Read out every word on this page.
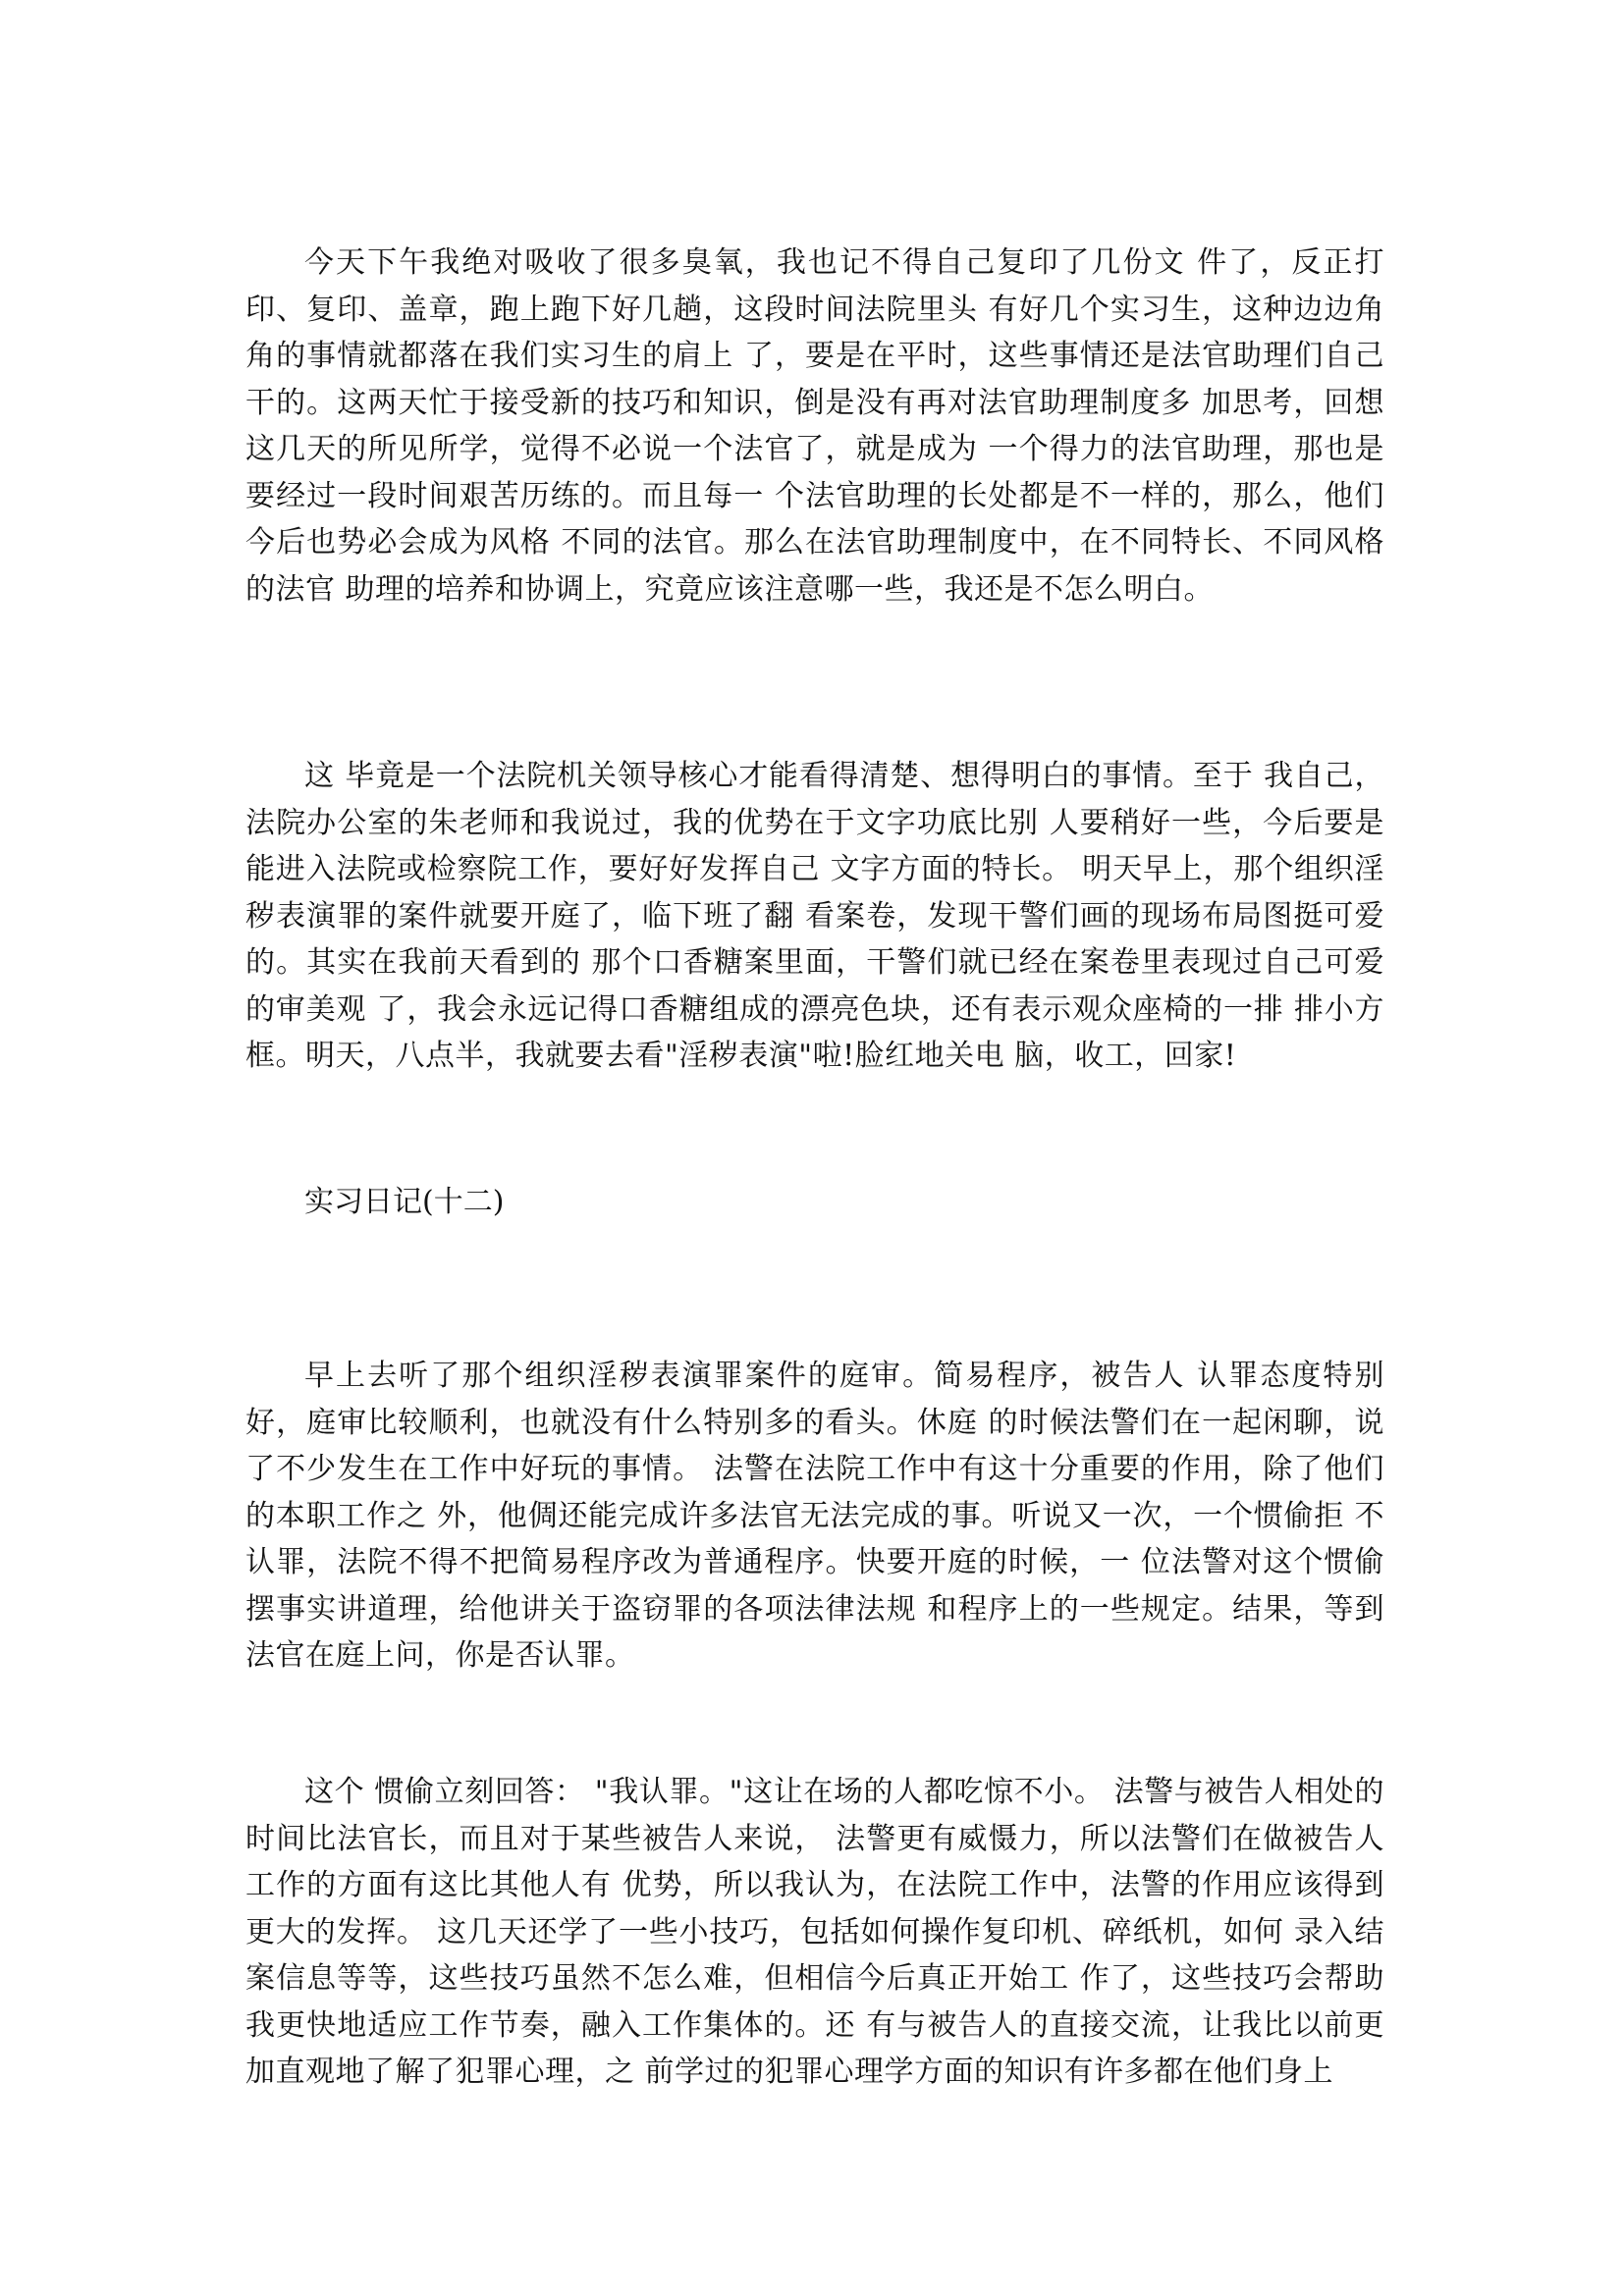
今天下午我绝对吸收了很多臭氧，我也记不得自己复印了几份文 件了，反正打印、复印、盖章，跑上跑下好几趟，这段时间法院里头 有好几个实习生，这种边边角角的事情就都落在我们实习生的肩上 了，要是在平时，这些事情还是法官助理们自己干的。这两天忙于接受新的技巧和知识，倒是没有再对法官助理制度多 加思考，回想这几天的所见所学，觉得不必说一个法官了，就是成为 一个得力的法官助理，那也是要经过一段时间艰苦历练的。而且每一 个法官助理的长处都是不一样的，那么，他们今后也势必会成为风格 不同的法官。那么在法官助理制度中，在不同特长、不同风格的法官 助理的培养和协调上，究竟应该注意哪一些，我还是不怎么明白。

这 毕竟是一个法院机关领导核心才能看得清楚、想得明白的事情。至于 我自己，法院办公室的朱老师和我说过，我的优势在于文字功底比别 人要稍好一些，今后要是能进入法院或检察院工作，要好好发挥自己 文字方面的特长。 明天早上，那个组织淫秽表演罪的案件就要开庭了，临下班了翻 看案卷，发现干警们画的现场布局图挺可爱的。其实在我前天看到的 那个口香糖案里面，干警们就已经在案卷里表现过自己可爱的审美观 了，我会永远记得口香糖组成的漂亮色块，还有表示观众座椅的一排 排小方框。明天，八点半，我就要去看"淫秽表演"啦!脸红地关电 脑，收工，回家!

实习日记(十二)

早上去听了那个组织淫秽表演罪案件的庭审。简易程序，被告人 认罪态度特别好，庭审比较顺利，也就没有什么特别多的看头。休庭 的时候法警们在一起闲聊，说了不少发生在工作中好玩的事情。 法警在法院工作中有这十分重要的作用，除了他们的本职工作之 外，他倜还能完成许多法官无法完成的事。听说又一次，一个惯偷拒 不认罪，法院不得不把简易程序改为普通程序。快要开庭的时候，一 位法警对这个惯偷摆事实讲道理，给他讲关于盗窃罪的各项法律法规 和程序上的一些规定。结果，等到法官在庭上问，你是否认罪。

这个 惯偷立刻回答： "我认罪。"这让在场的人都吃惊不小。 法警与被告人相处的时间比法官长，而且对于某些被告人来说， 法警更有威慑力，所以法警们在做被告人工作的方面有这比其他人有 优势，所以我认为，在法院工作中，法警的作用应该得到更大的发挥。 这几天还学了一些小技巧，包括如何操作复印机、碎纸机，如何 录入结案信息等等，这些技巧虽然不怎么难，但相信今后真正开始工 作了，这些技巧会帮助我更快地适应工作节奏，融入工作集体的。还 有与被告人的直接交流，让我比以前更加直观地了解了犯罪心理，之 前学过的犯罪心理学方面的知识有许多都在他们身上
